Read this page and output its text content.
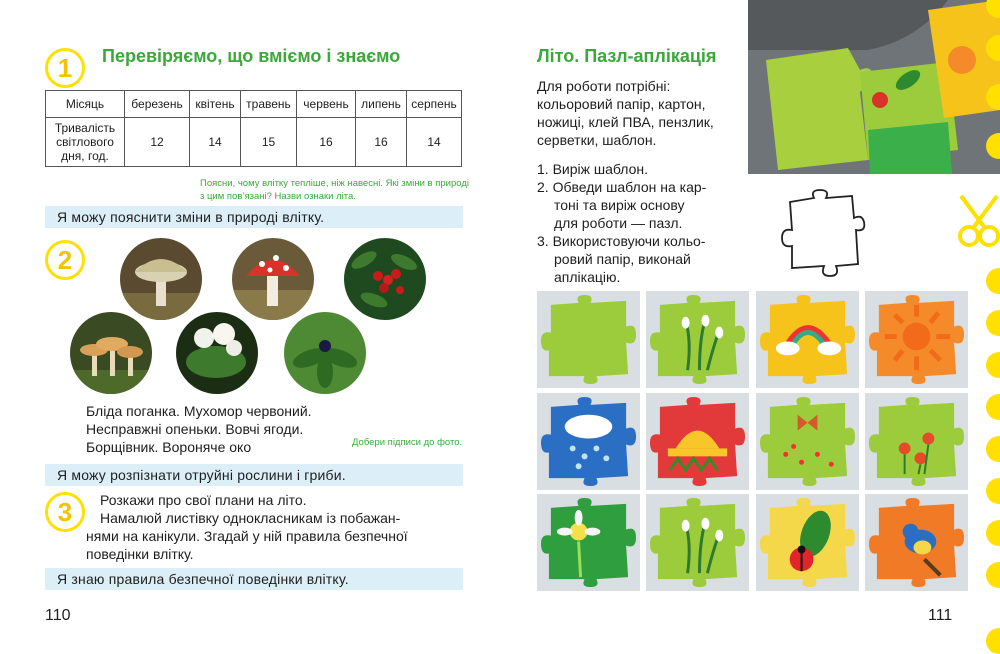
1	Перевіряємо, що вміємо і знаємо
Місяць	березень	квітень	травень	червень	липень	серпень

Тривалість
світлового
дня, год.	12	14	15	16	16	14
Поясни, чому влітку тепліше, ніж навесні. Які зміни в природі
з цим пов’язані? Назви ознаки літа.
Я можу пояснити зміни в природі влітку.
2
Бліда поганка. Мухомор червоний.
Несправжні опеньки. Вовчі ягоди.
Борщівник. Вороняче око	Добери підписи до фото.
Я можу розпізнати отруйні рослини і гриби.
3	Розкажи про свої плани на літо.
Намалюй листівку однокласникам із побажан-
нями на канікули. Згадай у ній правила безпечної
поведінки влітку.
Я знаю правила безпечної поведінки влітку.
110
Літо. Пазл-аплікація
Для роботи потрібні:
кольоровий папір, картон,
ножиці, клей ПВА, пензлик,
серветки, шаблон.
1. Виріж шаблон.
2. Обведи шаблон на кар-
тоні та виріж основу
для роботи — пазл.
3. Використовуючи кольо-
ровий папір, виконай
аплікацію.
111
